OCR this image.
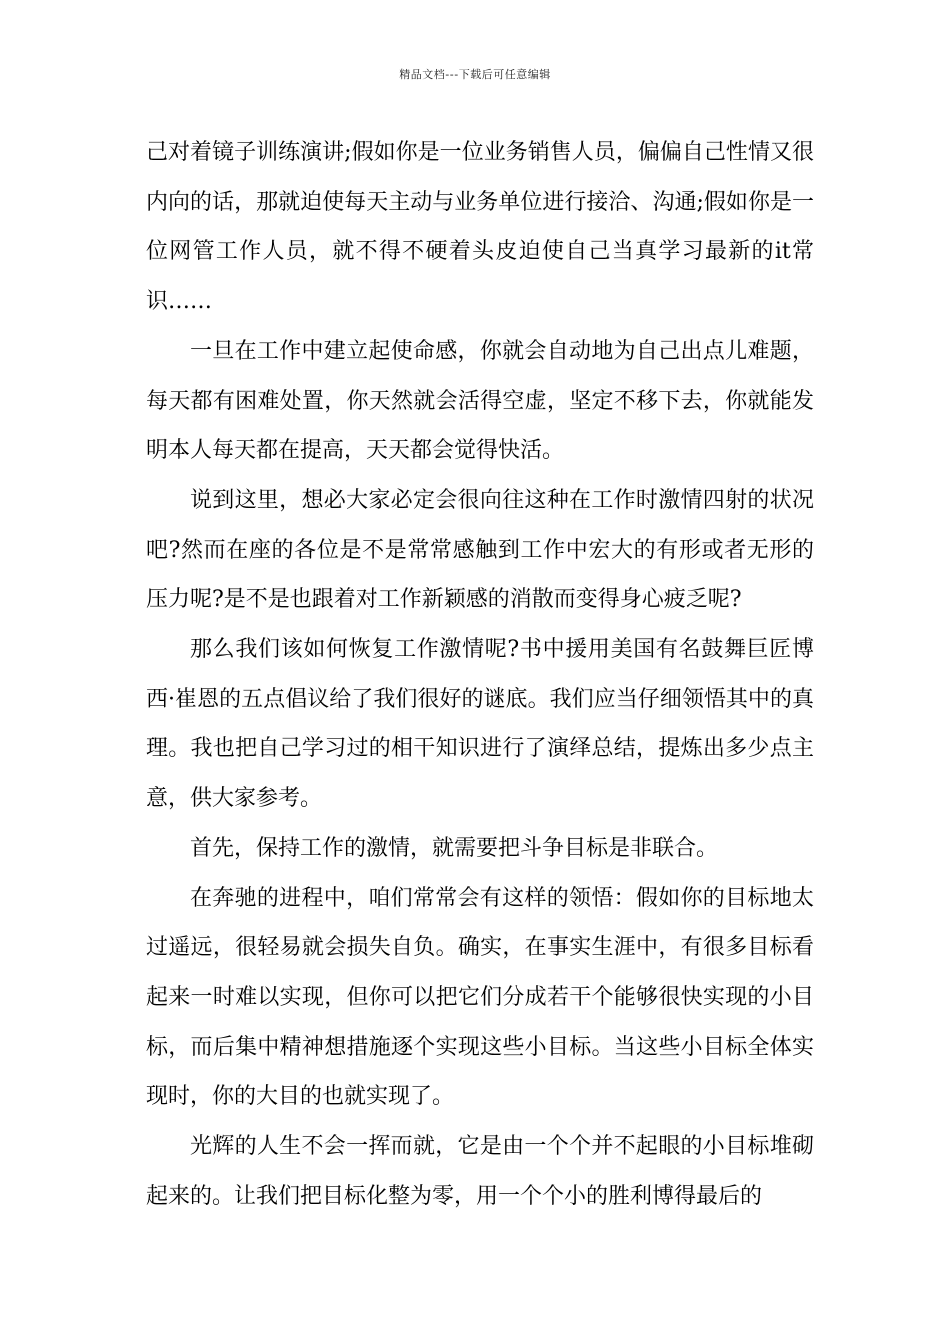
精品文档---下载后可任意编辑

己对着镜子训练演讲;假如你是一位业务销售人员，偏偏自己性情又很内向的话，那就迫使每天主动与业务单位进行接洽、沟通;假如你是一位网管工作人员，就不得不硬着头皮迫使自己当真学习最新的it常识……

一旦在工作中建立起使命感，你就会自动地为自己出点儿难题，每天都有困难处置，你天然就会活得空虚，坚定不移下去，你就能发明本人每天都在提高，天天都会觉得快活。

说到这里，想必大家必定会很向往这种在工作时激情四射的状况吧?然而在座的各位是不是常常感触到工作中宏大的有形或者无形的压力呢?是不是也跟着对工作新颖感的消散而变得身心疲乏呢?

那么我们该如何恢复工作激情呢?书中援用美国有名鼓舞巨匠博西·崔恩的五点倡议给了我们很好的谜底。我们应当仔细领悟其中的真理。我也把自己学习过的相干知识进行了演绎总结，提炼出多少点主意，供大家参考。

首先，保持工作的激情，就需要把斗争目标是非联合。

在奔驰的进程中，咱们常常会有这样的领悟：假如你的目标地太过遥远，很轻易就会损失自负。确实，在事实生涯中，有很多目标看起来一时难以实现，但你可以把它们分成若干个能够很快实现的小目标，而后集中精神想措施逐个实现这些小目标。当这些小目标全体实现时，你的大目的也就实现了。

光辉的人生不会一挥而就，它是由一个个并不起眼的小目标堆砌起来的。让我们把目标化整为零，用一个个小的胜利博得最后的
